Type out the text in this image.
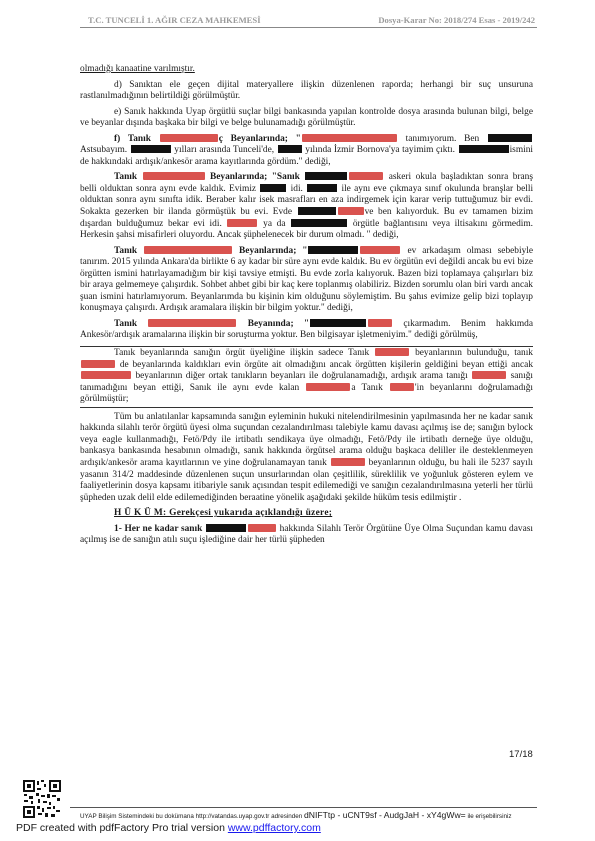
T.C. TUNCELİ 1. AĞIR CEZA MAHKEMESİ	Dosya-Karar No: 2018/274 Esas - 2019/242

olmadığı kanaatine varılmıştır.

d) Sanıktan ele geçen dijital materyallere ilişkin düzenlenen raporda; herhangi bir suç unsuruna rastlanılmadığının belirtildiği görülmüştür.

e) Sanık hakkında Uyap örgütlü suçlar bilgi bankasında yapılan kontrolde dosya arasında bulunan bilgi, belge ve beyanlar dışında başkaka bir bilgi ve belge bulunamadığı görülmüştür.

f) Tanık	ç Beyanlarında; "	tanımıyorum. Ben  Astsubayım.	yılları arasında Tunceli'de,	yılında İzmir Bornova'ya tayimim çıktı.	ismini de hakkındaki ardışık/ankesör arama kayıtlarında gördüm." dediği,

Tanık	Beyanlarında; "Sanık	askeri okula başladıktan sonra branş belli olduktan sonra aynı evde kaldık. Evimiz	idi.	ile aynı eve çıkmaya sınıf okulunda branşlar belli olduktan sonra aynı sınıfta idik. Beraber kalır isek masrafları en aza indirgemek için karar verip tuttuğumuz bir evdi. Sokakta gezerken bir ilanda görmüştük bu evi. Evde	ve ben kalıyorduk. Bu ev tamamen bizim dışardan bulduğumuz bekar evi idi.	ya da	örgütle bağlantısını veya iltisakını görmedim. Herkesin şahsi misafirleri oluyordu. Ancak şüphelenecek bir durum olmadı. " dediği,

Tanık	Beyanlarında; "	ev arkadaşım olması sebebiyle tanırım. 2015 yılında Ankara'da birlikte 6 ay kadar bir süre aynı evde kaldık. Bu ev örgütün evi değildi ancak bu evi bize örgütten ismini hatırlayamadığım bir kişi tavsiye etmişti. Bu evde zorla kalıyoruk. Bazen bizi toplamaya çalışırları biz bir araya gelmemeye çalışırdık. Sohbet ahbet gibi bir kaç kere toplanmış olabiliriz. Bizden sorumlu olan biri vardı ancak şuan ismini hatırlamıyorum. Beyanlarımda bu kişinin kim olduğunu söylemiştim. Bu şahıs evimize gelip bizi toplayıp konuşmaya çalışırdı. Ardışık aramalara ilişkin bir bilgim yoktur." dediği,

Tanık	Beyanında; "	çıkarmadım. Benim hakkımda Ankesör/ardışık aramalarına ilişkin bir soruşturma yoktur. Ben bilgisayar işletmeniyim." dediği görülmüş,

Tanık beyanlarında sanığın örgüt üyeliğine ilişkin sadece Tanık	beyanlarının bulunduğu, tanık  de beyanlarında kaldıkları evin örgüte ait olmadığını ancak örgütten kişilerin geldiğini beyan ettiği ancak  beyanlarının diğer ortak tanıkların beyanları ile doğrulanamadığı, ardışık arama tanığı	sanığı tanımadığını beyan ettiği, Sanık ile aynı evde kalan	a Tanık	'in beyanlarını doğrulamadığı görülmüştür;

Tüm bu anlatılanlar kapsamında sanığın eyleminin hukuki nitelendirilmesinin yapılmasında her ne kadar sanık hakkında silahlı terör örgütü üyesi olma suçundan cezalandırılması talebiyle kamu davası açılmış ise de; sanığın bylock veya eagle kullanmadığı, Fetö/Pdy ile irtibatlı sendikaya üye olmadığı, Fetö/Pdy ile irtibatlı derneğe üye olduğu, bankasya bankasında hesabının olmadığı, sanık hakkında örgütsel arama olduğu başkaca deliller ile desteklenmeyen ardışık/ankesör arama kayıtlarının ve yine doğrulanamayan tanık	beyanlarının olduğu, bu hali ile 5237 sayılı yasanın 314/2 maddesinde düzenlenen suçun unsurlarından olan çeşitlilik, süreklilik ve yoğunluk gösteren eylem ve faaliyetlerinin dosya kapsamı itibariyle sanık açısından tespit edilemediği ve sanığın cezalandırılmasına yeterli her türlü şüpheden uzak delil elde edilemediğinden beraatine yönelik aşağıdaki şekilde hüküm tesis edilmiştir .

H Ü K Ü M: Gerekçesi yukarıda açıklandığı üzere;

1- Her ne kadar sanık	hakkında Silahlı Terör Örgütüne Üye Olma Suçundan kamu davası açılmış ise de sanığın atılı suçu işlediğine dair her türlü şüpheden

17/18
UYAP Bilişim Sistemindeki bu dokümana http://vatandas.uyap.gov.tr adresinden dNIFTtp - uCNT9sf - AudgJaH - xY4gWw= ile erişebilirsiniz
PDF created with pdfFactory Pro trial version www.pdffactory.com
